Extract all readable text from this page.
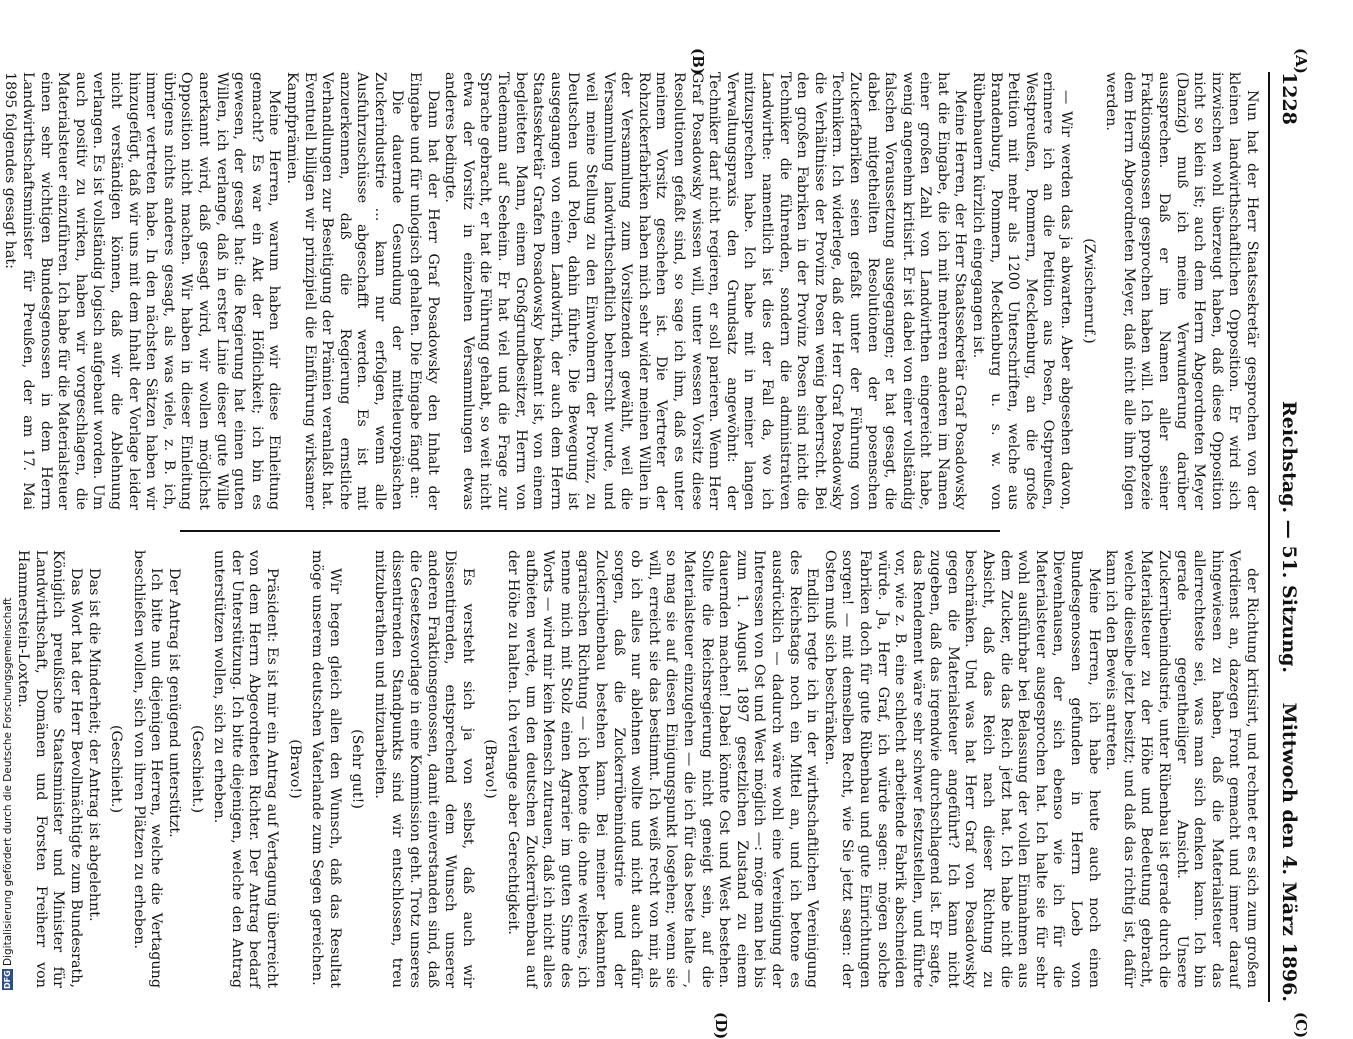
DFG Digitalisierung gefördert durch die Deutsche Forschungsgemeinschaft
1228
Reichstag. — 51. Sitzung.
Mittwoch den 4. März 1896.
(A)
(B)
(C)
(D)

Nun hat der Herr Staatssekretär gesprochen von der kleinen landwirthschaftlichen Opposition. Er wird sich inzwischen wohl überzeugt haben, daß diese Opposition nicht so klein ist; auch dem Herrn Abgeordneten Meyer (Danzig) muß ich meine Verwunderung darüber aussprechen. Daß er im Namen aller seiner Fraktionsgenossen gesprochen haben will. Ich prophezeie dem Herrn Abgeordneten Meyer, daß nicht alle ihm folgen werden.

(Zwischenruf.)

— Wir werden das ja abwarten. Aber abgesehen davon, erinnere ich an die Petition aus Posen, Ostpreußen, Westpreußen, Pommern, Mecklenburg, an die große Petition mit mehr als 1200 Unterschriften, welche aus Brandenburg, Pommern, Mecklenburg u. s. w. von Rübenbauern kürzlich eingegangen ist.

Meine Herren, der Herr Staatssekretär Graf Posadowsky hat die Eingabe, die ich mit mehreren anderen im Namen einer großen Zahl von Landwirthen eingereicht habe, wenig angenehm kritisirt. Er ist dabei von einer vollständig falschen Voraussetzung ausgegangen; er hat gesagt, die dabei mitgetheilten Resolutionen der posenschen Zuckerfabriken seien gefaßt unter der Führung von Technikern. Ich widerlege, daß der Herr Graf Posadowsky die Verhältnisse der Provinz Posen wenig beherrscht. Bei den großen Fabriken in der Provinz Posen sind nicht die Techniker die führenden, sondern die administrativen Landwirthe: namentlich ist dies der Fall da, wo ich mitzusprechen habe. Ich habe mit in meiner langen Verwaltungspraxis den Grundsatz angewöhnt: der Techniker darf nicht regieren, er soll parieren. Wenn Herr Graf Posadowsky wissen will, unter wessen Vorsitz diese Resolutionen gefaßt sind, so sage ich ihm, daß es unter meinem Vorsitz geschehen ist. Die Vertreter der Rohzuckerfabriken haben mich sehr wider meinen Willen in der Versammlung zum Vorsitzenden gewählt, weil die Versammlung landwirthschaftlich beherrscht wurde, und weil meine Stellung zu den Einwohnern der Provinz, zu Deutschen und Polen, dahin führte. Die Bewegung ist ausgegangen von einem Landwirth, der auch dem Herrn Staatssekretär Grafen Posadowsky bekannt ist, von einem begleiteten Mann, einem Großgrundbesitzer, Herrn von Tiedemann auf Seeheim. Er hat viel und die Frage zur Sprache gebracht, er hat die Führung gehabt, so weit nicht etwa der Vorsitz in einzelnen Versammlungen etwas anderes bedingte.

Dann hat der Herr Graf Posadowsky den Inhalt der Eingabe und für unlogisch gehalten. Die Eingabe fängt an:

Die dauernde Gesundung der mitteleuropäischen Zuckerindustrie ... kann nur erfolgen, wenn alle Ausfuhrzuschüsse abgeschafft werden. Es ist mit anzuerkennen, daß die Regierung ernstliche Verhandlungen zur Beseitigung der Prämien veranlaßt hat. Eventuell billigen wir prinzipiell die Einführung wirksamer Kampfprämien.

Meine Herren, warum haben wir diese Einleitung gemacht? Es war ein Akt der Höflichkeit; ich bin es gewesen, der gesagt hat: die Regierung hat einen guten Willen, ich verlange, daß in erster Linie dieser gute Wille anerkannt wird, daß gesagt wird, wir wollen möglichst Opposition nicht machen. Wir haben in dieser Einleitung übrigens nichts anderes gesagt, als was viele, z. B. ich, immer vertreten habe. In den nächsten Sätzen haben wir hinzugefügt, daß wir uns mit dem Inhalt der Vorlage leider nicht verständigen können, daß wir die Ablehnung verlangen. Es ist vollständig logisch aufgebaut worden. Um auch positiv zu wirken, haben wir vorgeschlagen, die Materialsteuer einzuführen. Ich habe für die Materialsteuer einen sehr wichtigen Bundesgenossen in dem Herrn Landwirthschaftsminister für Preußen, der am 17. Mai 1895 folgendes gesagt hat:

der Richtung kritisirt, und rechnet er es sich zum großen Verdienst an, dazegen Front gemacht und immer darauf hingewiesen zu haben, daß die Materialsteuer das allerrechteste sei, was man sich denken kann. Ich bin gerade gegentheiliger Ansicht. Unsere Zuckerrübenindustrie, unter Rübenbau ist gerade durch die Materialsteuer zu der Höhe und Bedeutung gebracht, welche dieselbe jetzt besitzt; und daß das richtig ist, dafür kann ich den Beweis antreten.

Meine Herren, ich habe heute auch noch einen Bundesgenossen gefunden in Herrn Loeb von Dievenhausen, der sich ebenso wie ich für die Materialsteuer ausgesprochen hat. Ich halte sie für sehr wohl ausführbar bei Belassung der vollen Einnahmen aus dem Zucker, die das Reich jetzt hat. Ich habe nicht die Absicht, daß das Reich nach dieser Richtung zu beschränken. Und was hat Herr Graf von Posadowsky gegen die Materialsteuer angeführt? Ich kann nicht zugeben, daß das irgendwie durchschlagend ist. Er sagte, das Rendement wäre sehr schwer festzustellen, und führte vor, wie z. B. eine schlecht arbeitende Fabrik abschneiden würde. Ja, Herr Graf, ich würde sagen: mögen solche Fabriken doch für gute Rübenbau und gute Einrichtungen sorgen! — mit demselben Recht, wie Sie jetzt sagen: der Osten muß sich beschränken.

Endlich regte ich in der wirthschaftlichen Vereinigung des Reichstags noch ein Mittel an, und ich betone es ausdrücklich — dadurch wäre wohl eine Vereinigung der Interessen von Ost und West möglich —: möge man bei bis zum 1. August 1897 gesetzlichen Zustand zu einem dauernden machen! Dabei könnte Ost und West bestehen. Sollte die Reichsregierung nicht geneigt sein, auf die Materialsteuer einzugehen — die ich für das beste halte —, so mag sie auf diesen Einigungspunkt losgehen; wenn sie will, erreicht sie das bestimmt. Ich weiß recht von mir, als ob ich alles nur ablehnen wollte und nicht auch dafür sorgen, daß die Zuckerrübenindustrie und der Zuckerrübenbau bestehen kann. Bei meiner bekannten agrarischen Richtung — ich betone die ohne weiteres, ich nenne mich mit Stolz einen Agrarier im guten Sinne des Worts — wird mir kein Mensch zutrauen, daß ich nicht alles aufbieten werde, um den deutschen Zuckerrübenbau auf der Höhe zu halten. Ich verlange aber Gerechtigkeit.

(Bravo!)

Es versteht sich ja von selbst, daß auch wir Dissentirenden, entsprechend dem Wunsch unserer anderen Fraktionsgenossen, damit einverstanden sind, daß die Gesetzesvorlage in eine Kommission geht. Trotz unseres dissentirenden Standpunkts sind wir entschlossen, treu mitzuberathen und mitzuarbeiten.

(Sehr gut!)

Wir hegen gleich allen den Wunsch, daß das Resultat möge unserem deutschen Vaterlande zum Segen gereichen.

(Bravo!)

Präsident: Es ist mir ein Antrag auf Vertagung überreicht von dem Herrn Abgeordneten Richter. Der Antrag bedarf der Unterstützung. Ich bitte diejenigen, welche den Antrag unterstützen wollen, sich zu erheben.

(Geschieht.)

Der Antrag ist genügend unterstützt.

Ich bitte nun diejenigen Herren, welche die Vertagung beschließen wollen, sich von ihren Plätzen zu erheben.

(Geschieht.)

Das ist die Minderheit; der Antrag ist abgelehnt.

Das Wort hat der Herr Bevollmächtigte zum Bundesrath, Königlich preußische Staatsminister und Minister für Landwirthschaft, Domänen und Forsten Freiherr von Hammerstein-Loxten.
